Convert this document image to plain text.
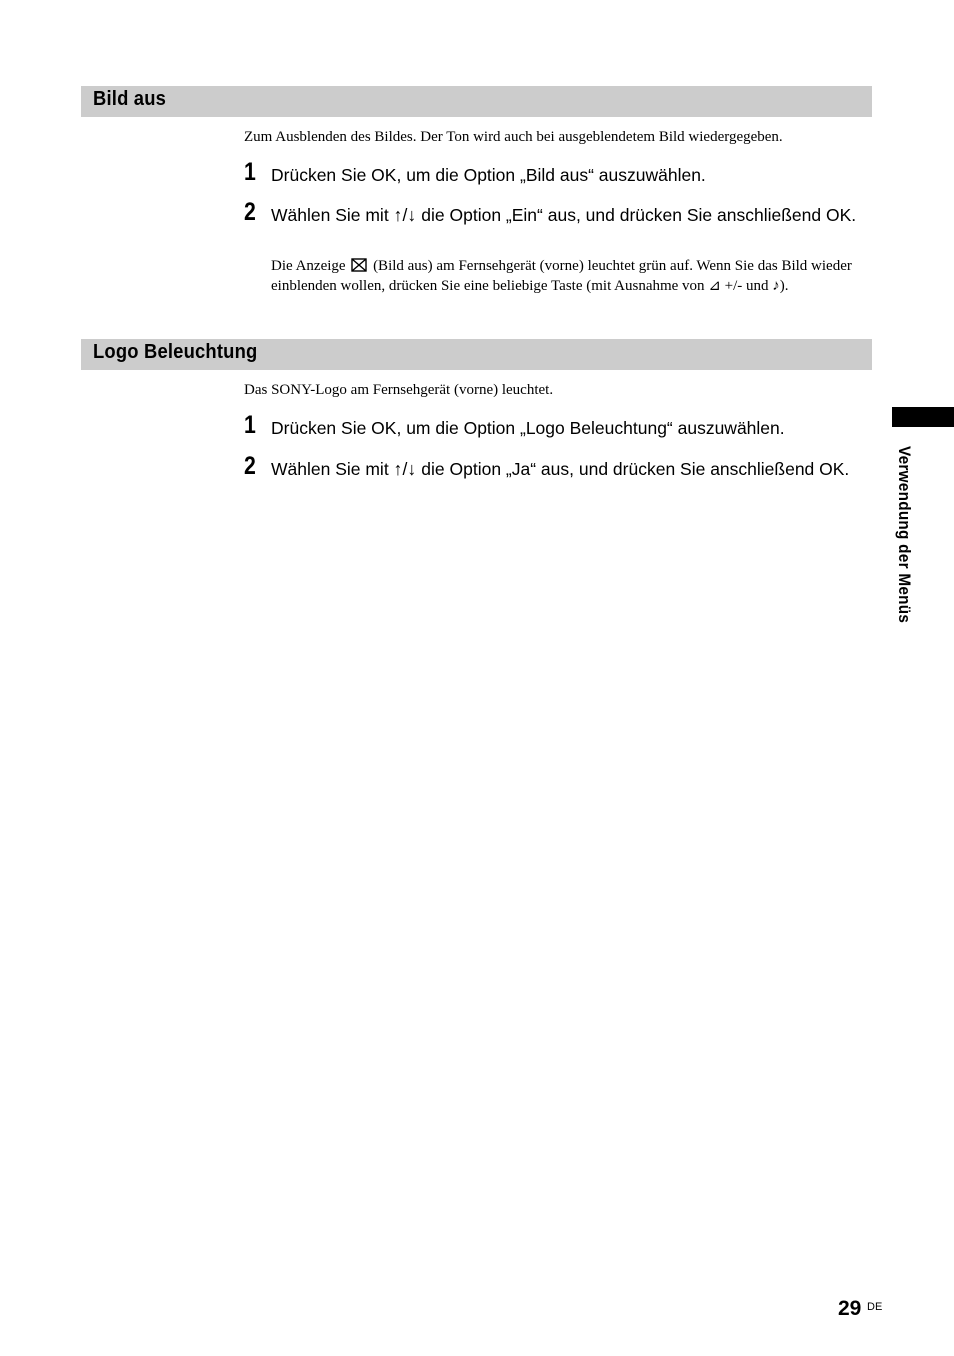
Bild aus
Zum Ausblenden des Bildes. Der Ton wird auch bei ausgeblendetem Bild wiedergegeben.
1 Drücken Sie OK, um die Option „Bild aus“ auszuwählen.
2 Wählen Sie mit ↑/↓ die Option „Ein“ aus, und drücken Sie anschließend OK.
Die Anzeige  (Bild aus) am Fernsehgerät (vorne) leuchtet grün auf. Wenn Sie das Bild wieder einblenden wollen, drücken Sie eine beliebige Taste (mit Ausnahme von ⊿ +/- und ♪).
Logo Beleuchtung
Das SONY-Logo am Fernsehgerät (vorne) leuchtet.
1 Drücken Sie OK, um die Option „Logo Beleuchtung“ auszuwählen.
2 Wählen Sie mit ↑/↓ die Option „Ja“ aus, und drücken Sie anschließend OK.	Verwendung der Menüs
29 DE
